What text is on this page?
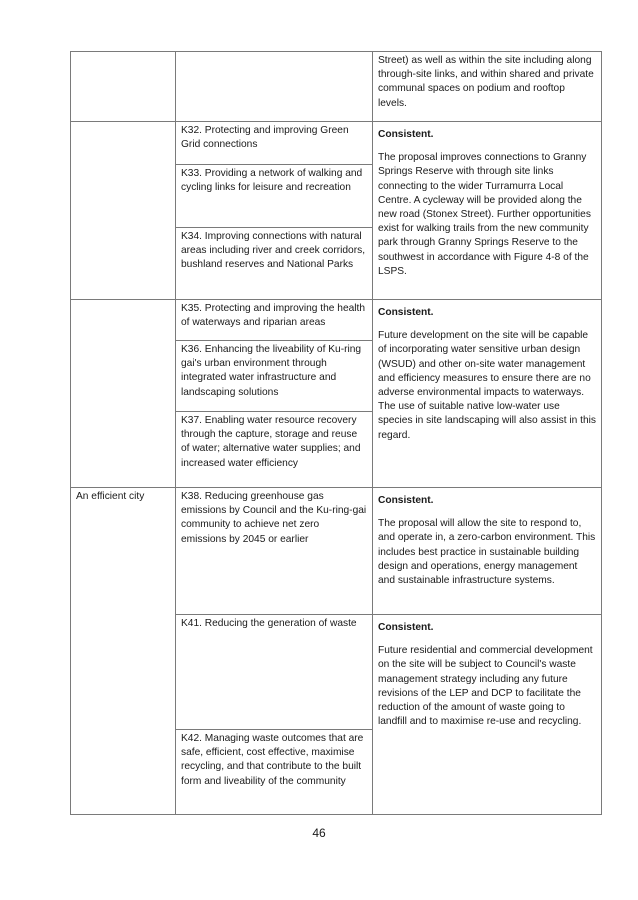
		Street) as well as within the site including along through-site links, and within shared and private communal spaces on podium and rooftop levels.

	K32. Protecting and improving Green Grid connections	Consistent.
The proposal improves connections to Granny Springs Reserve with through site links connecting to the wider Turramurra Local Centre. A cycleway will be provided along the new road (Stonex Street). Further opportunities exist for walking trails from the new community park through Granny Springs Reserve to the southwest in accordance with Figure 4-8 of the LSPS.

	K33. Providing a network of walking and cycling links for leisure and recreation	
	K34. Improving connections with natural areas including river and creek corridors, bushland reserves and National Parks	
	K35. Protecting and improving the health of waterways and riparian areas	Consistent.
Future development on the site will be capable of incorporating water sensitive urban design (WSUD) and other on-site water management and efficiency measures to ensure there are no adverse environmental impacts to waterways. The use of suitable native low-water use species in site landscaping will also assist in this regard.

	K36. Enhancing the liveability of Ku-ring gai's urban environment through integrated water infrastructure and landscaping solutions	
	K37. Enabling water resource recovery through the capture, storage and reuse of water; alternative water supplies; and increased water efficiency	
An efficient city	K38. Reducing greenhouse gas emissions by Council and the Ku-ring-gai community to achieve net zero emissions by 2045 or earlier	Consistent.
The proposal will allow the site to respond to, and operate in, a zero-carbon environment. This includes best practice in sustainable building design and operations, energy management and sustainable infrastructure systems.

	K41. Reducing the generation of waste	Consistent.
Future residential and commercial development on the site will be subject to Council's waste management strategy including any future revisions of the LEP and DCP to facilitate the reduction of the amount of waste going to landfill and to maximise re-use and recycling.

	K42. Managing waste outcomes that are safe, efficient, cost effective, maximise recycling, and that contribute to the built form and liveability of the community	
46
